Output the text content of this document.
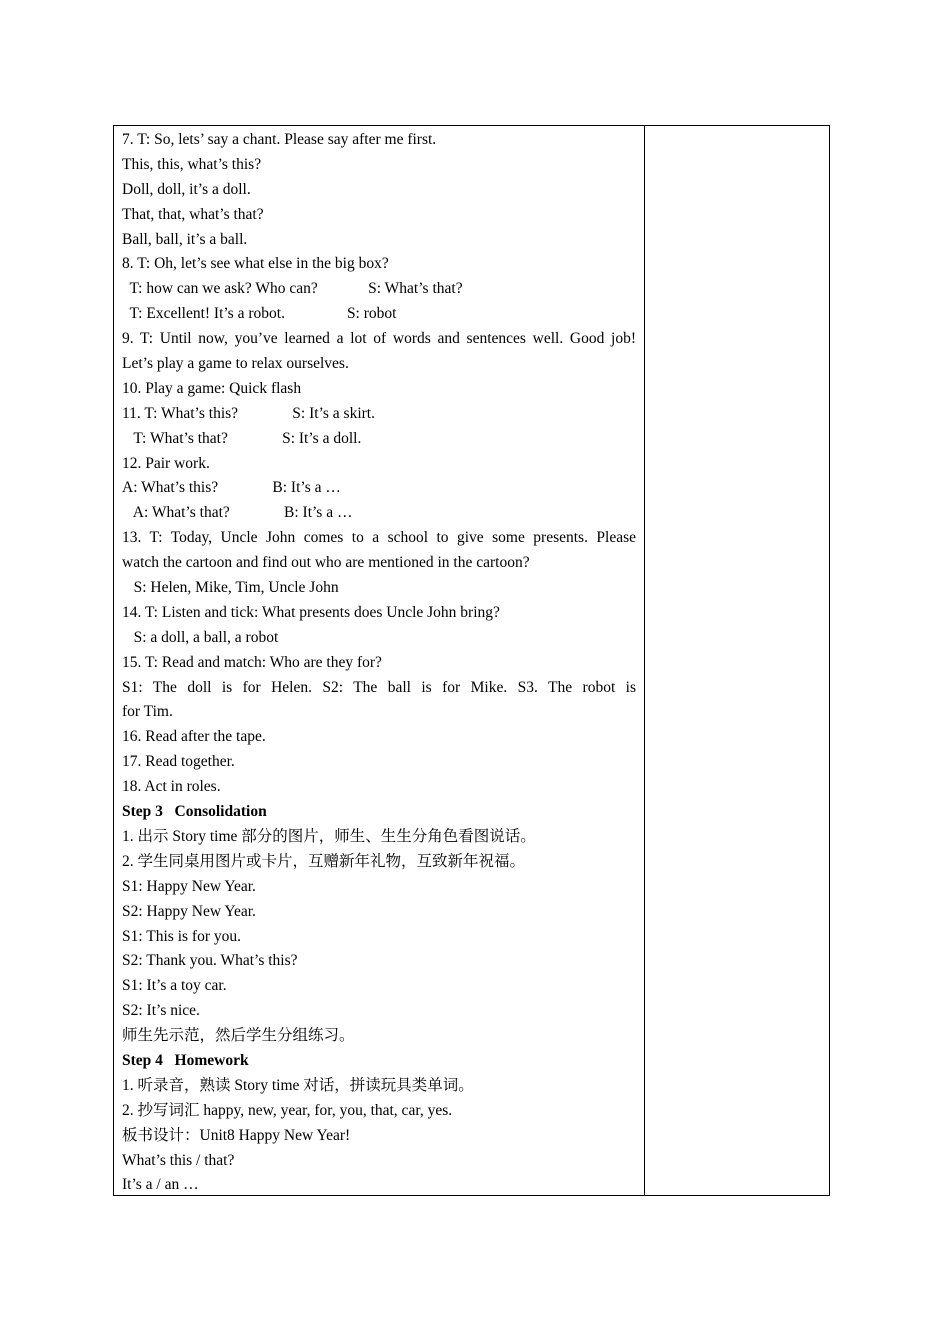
7. T: So, lets’ say a chant. Please say after me first.
This, this, what’s this?
Doll, doll, it’s a doll.
That, that, what’s that?
Ball, ball, it’s a ball.
8. T: Oh, let’s see what else in the big box?
T: how can we ask? Who can?             S: What’s that?
T: Excellent! It’s a robot.                S: robot
9. T: Until now, you’ve learned a lot of words and sentences well. Good job!
Let’s play a game to relax ourselves.
10. Play a game: Quick flash
11. T: What’s this?              S: It’s a skirt.
T: What’s that?              S: It’s a doll.
12. Pair work.
A: What’s this?              B: It’s a …
A: What’s that?              B: It’s a …
13. T: Today, Uncle John comes to a school to give some presents. Please
watch the cartoon and find out who are mentioned in the cartoon?
S: Helen, Mike, Tim, Uncle John
14. T: Listen and tick: What presents does Uncle John bring?
S: a doll, a ball, a robot
15. T: Read and match: Who are they for?
S1: The doll is for Helen. S2: The ball is for Mike. S3. The robot is
for Tim.
16. Read after the tape.
17. Read together.
18. Act in roles.
Step 3   Consolidation
1. 出示 Story time 部分的图片，师生、生生分角色看图说话。
2. 学生同桌用图片或卡片，互赠新年礼物，互致新年祝福。
S1: Happy New Year.
S2: Happy New Year.
S1: This is for you.
S2: Thank you. What’s this?
S1: It’s a toy car.
S2: It’s nice.
师生先示范，然后学生分组练习。
Step 4   Homework
1. 听录音，熟读 Story time 对话，拼读玩具类单词。
2. 抄写词汇 happy, new, year, for, you, that, car, yes.
板书设计：Unit8 Happy New Year!
What’s this / that?
It’s a / an …
